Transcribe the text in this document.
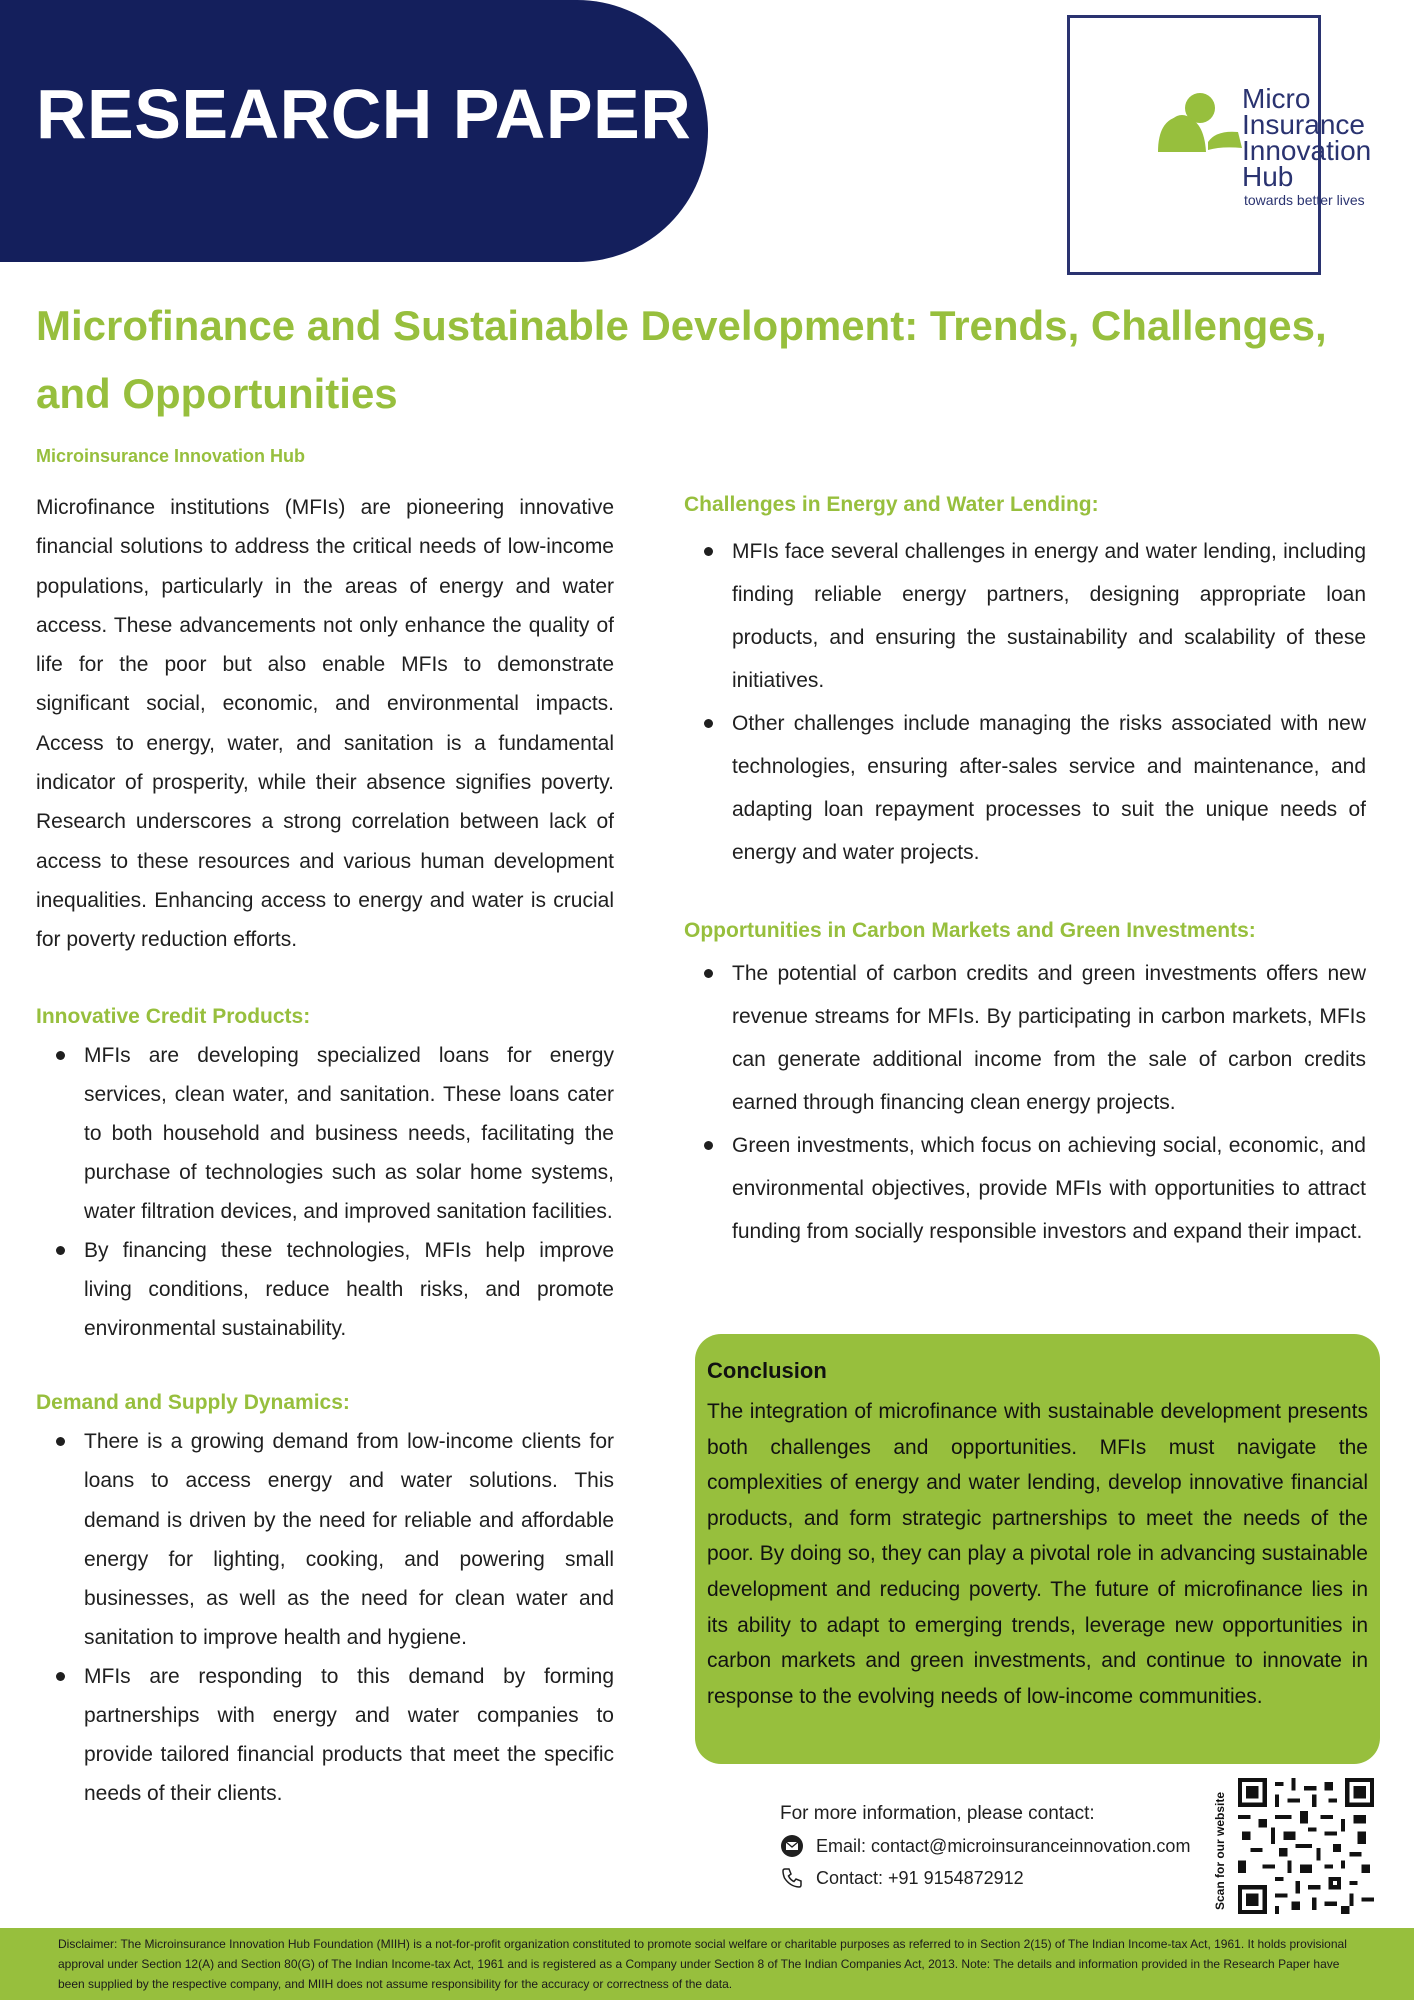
RESEARCH PAPER	Micro
Insurance
Innovation
Hub
towards better lives
Microfinance and Sustainable Development: Trends, Challenges, and Opportunities
Microinsurance Innovation Hub

Microfinance institutions (MFIs) are pioneering innovative financial solutions to address the critical needs of low-income populations, particularly in the areas of energy and water access. These advancements not only enhance the quality of life for the poor but also enable MFIs to demonstrate significant social, economic, and environmental impacts. Access to energy, water, and sanitation is a fundamental indicator of prosperity, while their absence signifies poverty. Research underscores a strong correlation between lack of access to these resources and various human development inequalities. Enhancing access to energy and water is crucial for poverty reduction efforts.

Innovative Credit Products:
MFIs are developing specialized loans for energy services, clean water, and sanitation. These loans cater to both household and business needs, facilitating the purchase of technologies such as solar home systems, water filtration devices, and improved sanitation facilities.
By financing these technologies, MFIs help improve living conditions, reduce health risks, and promote environmental sustainability.
Demand and Supply Dynamics:
There is a growing demand from low-income clients for loans to access energy and water solutions. This demand is driven by the need for reliable and affordable energy for lighting, cooking, and powering small businesses, as well as the need for clean water and sanitation to improve health and hygiene.
MFIs are responding to this demand by forming partnerships with energy and water companies to provide tailored financial products that meet the specific needs of their clients.
Challenges in Energy and Water Lending:
MFIs face several challenges in energy and water lending, including finding reliable energy partners, designing appropriate loan products, and ensuring the sustainability and scalability of these initiatives.
Other challenges include managing the risks associated with new technologies, ensuring after-sales service and maintenance, and adapting loan repayment processes to suit the unique needs of energy and water projects.
Opportunities in Carbon Markets and Green Investments:
The potential of carbon credits and green investments offers new revenue streams for MFIs. By participating in carbon markets, MFIs can generate additional income from the sale of carbon credits earned through financing clean energy projects.
Green investments, which focus on achieving social, economic, and environmental objectives, provide MFIs with opportunities to attract funding from socially responsible investors and expand their impact.
Conclusion

The integration of microfinance with sustainable development presents both challenges and opportunities. MFIs must navigate the complexities of energy and water lending, develop innovative financial products, and form strategic partnerships to meet the needs of the poor. By doing so, they can play a pivotal role in advancing sustainable development and reducing poverty. The future of microfinance lies in its ability to adapt to emerging trends, leverage new opportunities in carbon markets and green investments, and continue to innovate in response to the evolving needs of low-income communities.

For more information, please contact:
Email: contact@microinsuranceinnovation.com
Contact: +91 9154872912	Scan for our website

Disclaimer: The Microinsurance Innovation Hub Foundation (MIIH) is a not-for-profit organization constituted to promote social welfare or charitable purposes as referred to in Section 2(15) of The Indian Income-tax Act, 1961. It holds provisional approval under Section 12(A) and Section 80(G) of The Indian Income-tax Act, 1961 and is registered as a Company under Section 8 of The Indian Companies Act, 2013. Note: The details and information provided in the Research Paper have been supplied by the respective company, and MIIH does not assume responsibility for the accuracy or correctness of the data.
